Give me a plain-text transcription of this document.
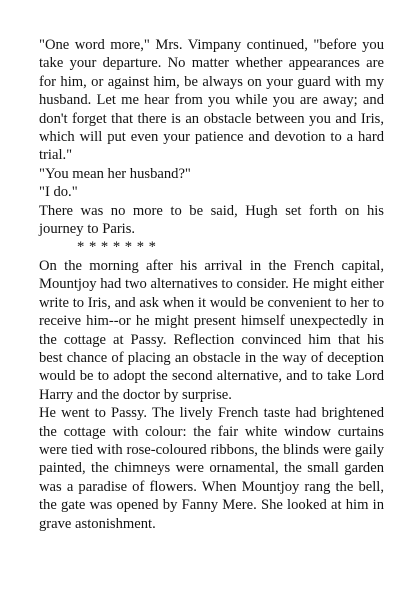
"One word more," Mrs. Vimpany continued, "before you take your departure. No matter whether appearances are for him, or against him, be always on your guard with my husband. Let me hear from you while you are away; and don't forget that there is an obstacle between you and Iris, which will put even your patience and devotion to a hard trial."

"You mean her husband?"

"I do."

There was no more to be said, Hugh set forth on his journey to Paris.

* * * * * * *

On the morning after his arrival in the French capital, Mountjoy had two alternatives to consider. He might either write to Iris, and ask when it would be convenient to her to receive him--or he might present himself unexpectedly in the cottage at Passy. Reflection convinced him that his best chance of placing an obstacle in the way of deception would be to adopt the second alternative, and to take Lord Harry and the doctor by surprise.

He went to Passy. The lively French taste had brightened the cottage with colour: the fair white window curtains were tied with rose-coloured ribbons, the blinds were gaily painted, the chimneys were ornamental, the small garden was a paradise of flowers. When Mountjoy rang the bell, the gate was opened by Fanny Mere. She looked at him in grave astonishment.
